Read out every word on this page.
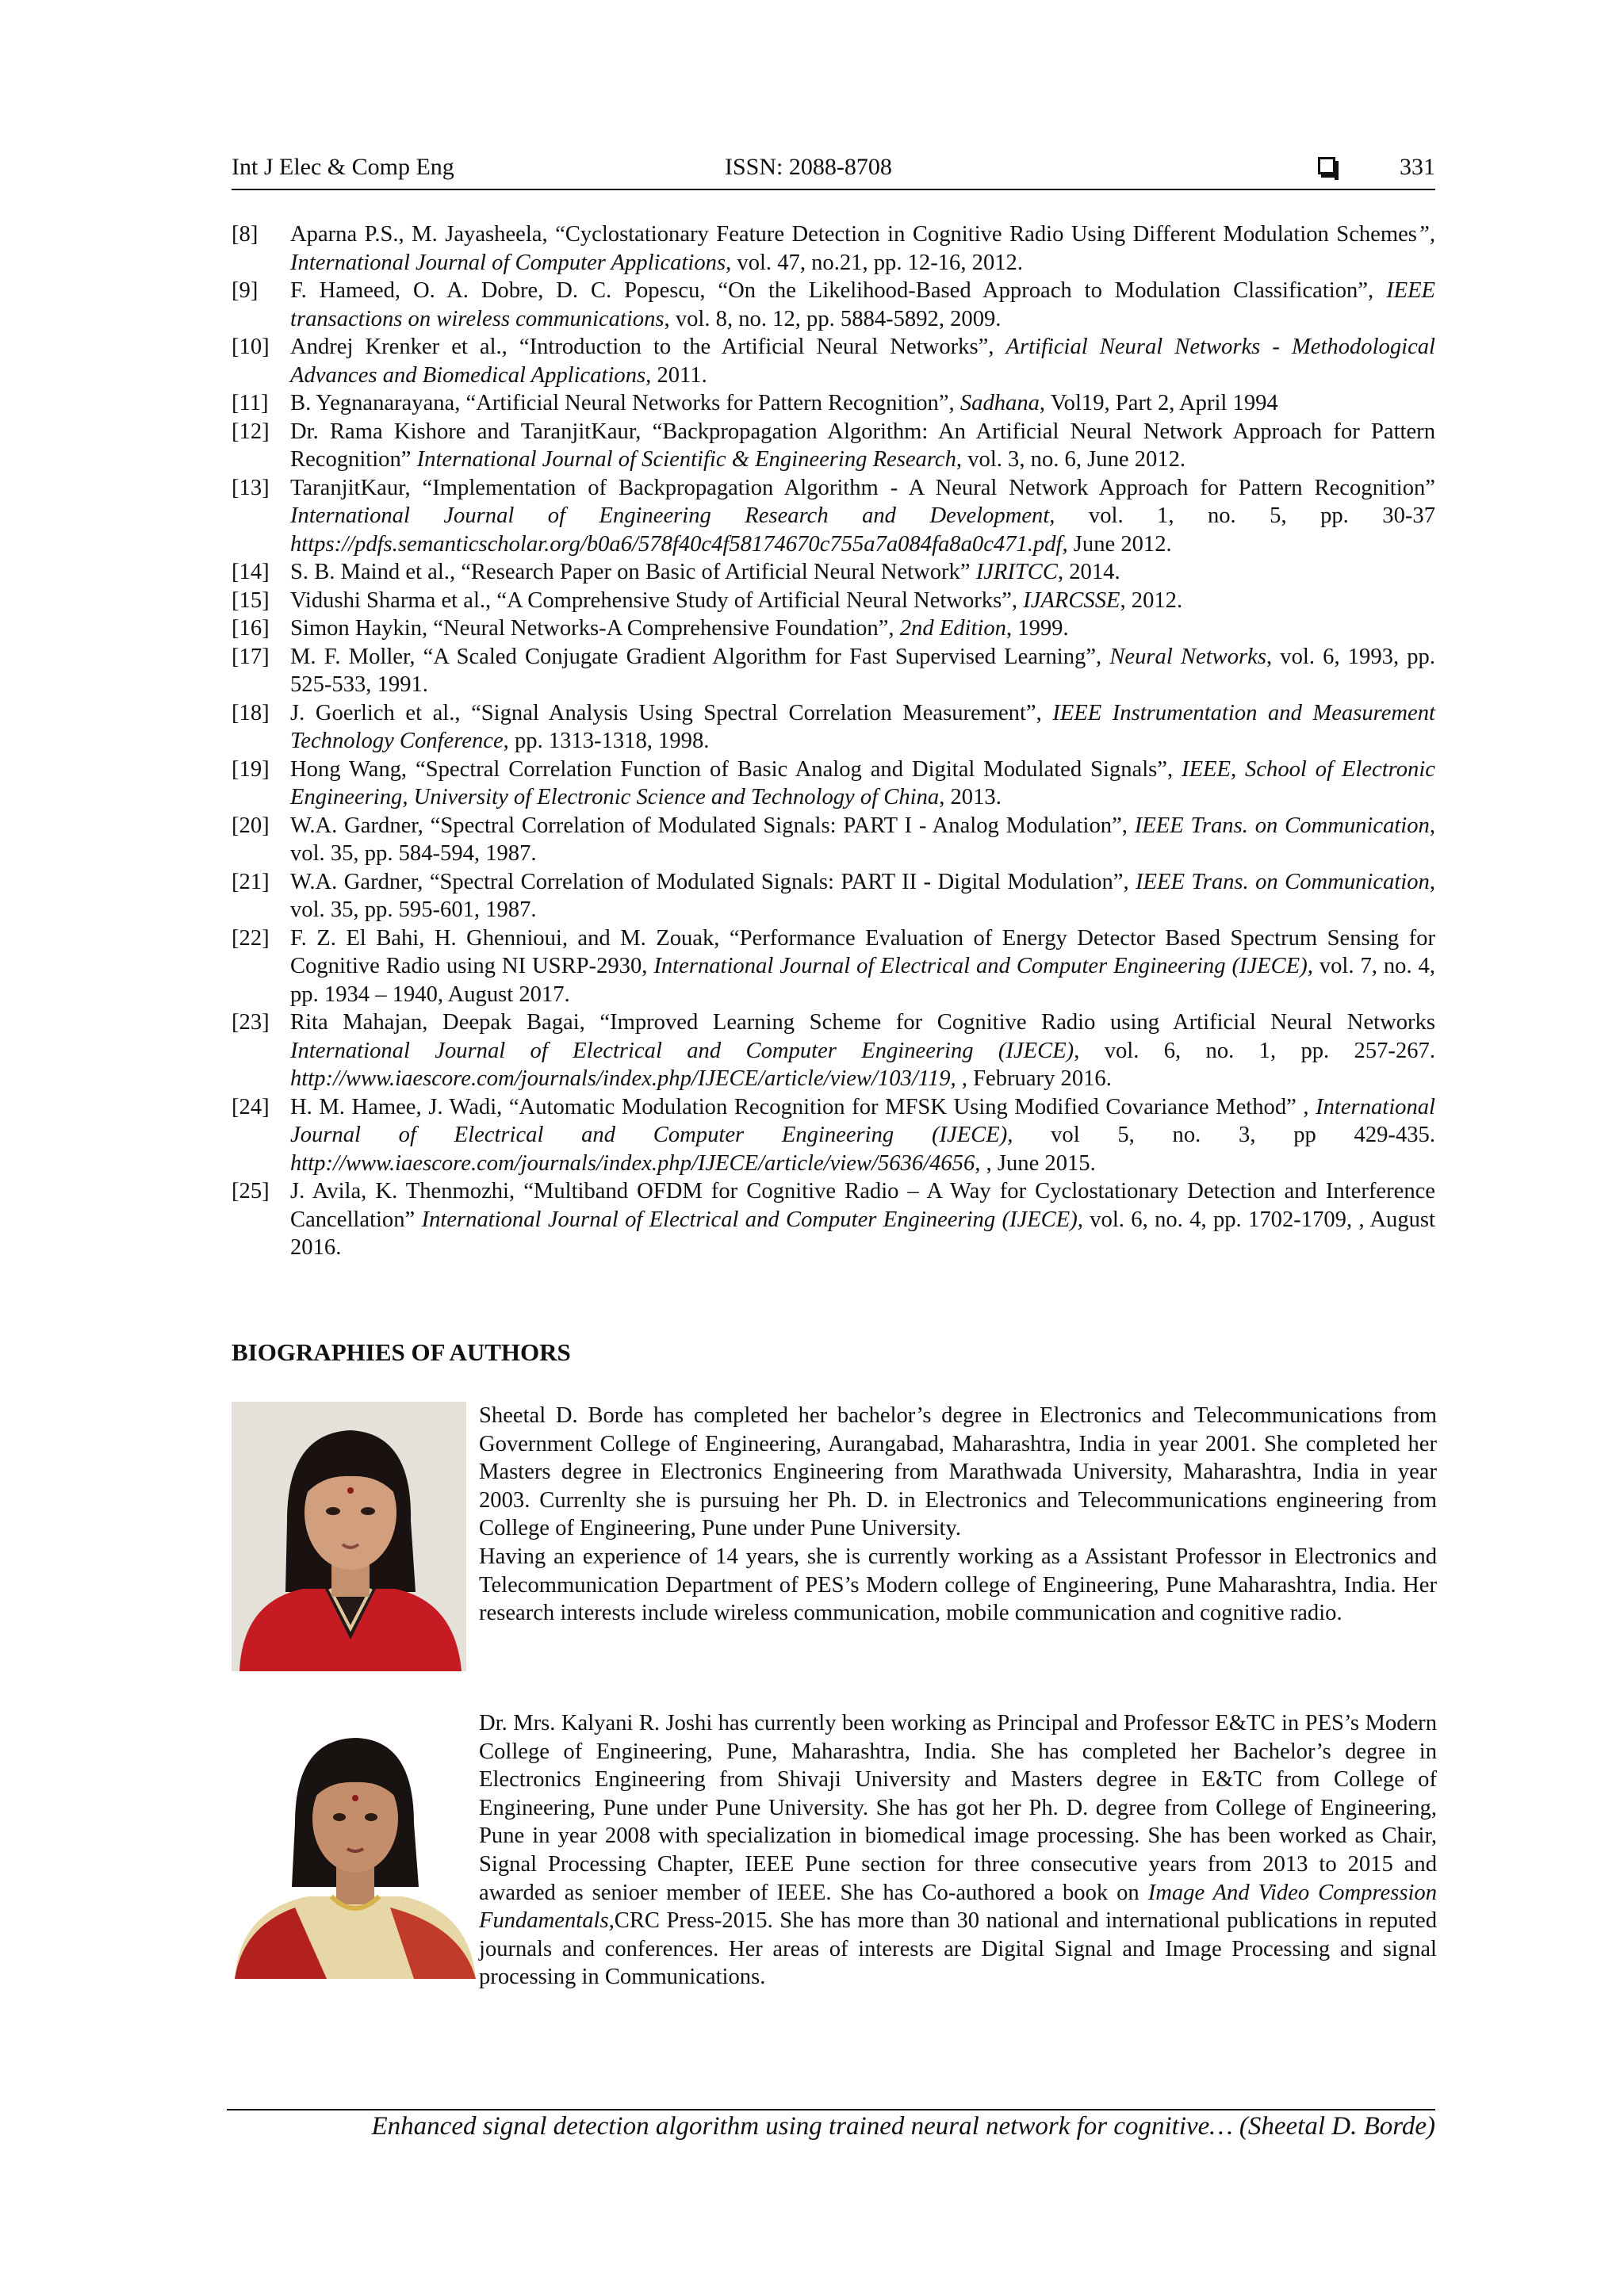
Int J Elec & Comp Eng	ISSN: 2088-8708	331
[8]	Aparna P.S., M. Jayasheela, “Cyclostationary Feature Detection in Cognitive Radio Using Different Modulation Schemes”, International Journal of Computer Applications, vol. 47, no.21, pp. 12-16, 2012.
[9]	F. Hameed, O. A. Dobre, D. C. Popescu, “On the Likelihood-Based Approach to Modulation Classification”, IEEE transactions on wireless communications, vol. 8, no. 12, pp. 5884-5892, 2009.
[10] Andrej Krenker et al., “Introduction to the Artificial Neural Networks”, Artificial Neural Networks - Methodological Advances and Biomedical Applications, 2011.
[11] B. Yegnanarayana, “Artificial Neural Networks for Pattern Recognition”, Sadhana, Vol19, Part 2, April 1994
[12] Dr. Rama Kishore and TaranjitKaur, “Backpropagation Algorithm: An Artificial Neural Network Approach for Pattern Recognition” International Journal of Scientific & Engineering Research, vol. 3, no. 6, June 2012.
[13] TaranjitKaur, “Implementation of Backpropagation Algorithm - A Neural Network Approach for Pattern Recognition” International Journal of Engineering Research and Development, vol. 1, no. 5, pp. 30-37 https://pdfs.semanticscholar.org/b0a6/578f40c4f58174670c755a7a084fa8a0c471.pdf, June 2012.
[14] S. B. Maind et al., “Research Paper on Basic of Artificial Neural Network” IJRITCC, 2014.
[15] Vidushi Sharma et al., “A Comprehensive Study of Artificial Neural Networks”, IJARCSSE, 2012.
[16] Simon Haykin, “Neural Networks-A Comprehensive Foundation”, 2nd Edition, 1999.
[17] M. F. Moller, “A Scaled Conjugate Gradient Algorithm for Fast Supervised Learning”, Neural Networks, vol. 6, 1993, pp. 525-533, 1991.
[18] J. Goerlich et al., “Signal Analysis Using Spectral Correlation Measurement”, IEEE Instrumentation and Measurement Technology Conference, pp. 1313-1318, 1998.
[19] Hong Wang, “Spectral Correlation Function of Basic Analog and Digital Modulated Signals”, IEEE, School of Electronic Engineering, University of Electronic Science and Technology of China, 2013.
[20] W.A. Gardner, “Spectral Correlation of Modulated Signals: PART I - Analog Modulation”, IEEE Trans. on Communication, vol. 35, pp. 584-594, 1987.
[21] W.A. Gardner, “Spectral Correlation of Modulated Signals: PART II - Digital Modulation”, IEEE Trans. on Communication, vol. 35, pp. 595-601, 1987.
[22] F. Z. El Bahi, H. Ghennioui, and M. Zouak, “Performance Evaluation of Energy Detector Based Spectrum Sensing for Cognitive Radio using NI USRP-2930, International Journal of Electrical and Computer Engineering (IJECE), vol. 7, no. 4, pp. 1934 – 1940, August 2017.
[23] Rita Mahajan, Deepak Bagai, “Improved Learning Scheme for Cognitive Radio using Artificial Neural Networks International Journal of Electrical and Computer Engineering (IJECE), vol. 6, no. 1, pp. 257-267. http://www.iaescore.com/journals/index.php/IJECE/article/view/103/119, , February 2016.
[24] H. M. Hamee, J. Wadi, “Automatic Modulation Recognition for MFSK Using Modified Covariance Method” , International Journal of Electrical and Computer Engineering (IJECE), vol 5, no. 3, pp 429-435. http://www.iaescore.com/journals/index.php/IJECE/article/view/5636/4656, , June 2015.
[25] J. Avila, K. Thenmozhi, “Multiband OFDM for Cognitive Radio – A Way for Cyclostationary Detection and Interference Cancellation” International Journal of Electrical and Computer Engineering (IJECE), vol. 6, no. 4, pp. 1702-1709, , August 2016.
BIOGRAPHIES OF AUTHORS

Sheetal D. Borde has completed her bachelor’s degree in Electronics and Telecommunications from Government College of Engineering, Aurangabad, Maharashtra, India in year 2001. She completed her Masters degree in Electronics Engineering from Marathwada University, Maharashtra, India in year 2003. Currenlty she is pursuing her Ph. D. in Electronics and Telecommunications engineering from College of Engineering, Pune under Pune University.

Having an experience of 14 years, she is currently working as a Assistant Professor in Electronics and Telecommunication Department of PES’s Modern college of Engineering, Pune Maharashtra, India. Her research interests include wireless communication, mobile communication and cognitive radio.

Dr. Mrs. Kalyani R. Joshi has currently been working as Principal and Professor E&TC in PES’s Modern College of Engineering, Pune, Maharashtra, India. She has completed her Bachelor’s degree in Electronics Engineering from Shivaji University and Masters degree in E&TC from College of Engineering, Pune under Pune University. She has got her Ph. D. degree from College of Engineering, Pune in year 2008 with specialization in biomedical image processing. She has been worked as Chair, Signal Processing Chapter, IEEE Pune section for three consecutive years from 2013 to 2015 and awarded as senioer member of IEEE. She has Co-authored a book on Image And Video Compression Fundamentals,CRC Press-2015. She has more than 30 national and international publications in reputed journals and conferences. Her areas of interests are Digital Signal and Image Processing and signal processing in Communications.

Enhanced signal detection algorithm using trained neural network for cognitive… (Sheetal D. Borde)
